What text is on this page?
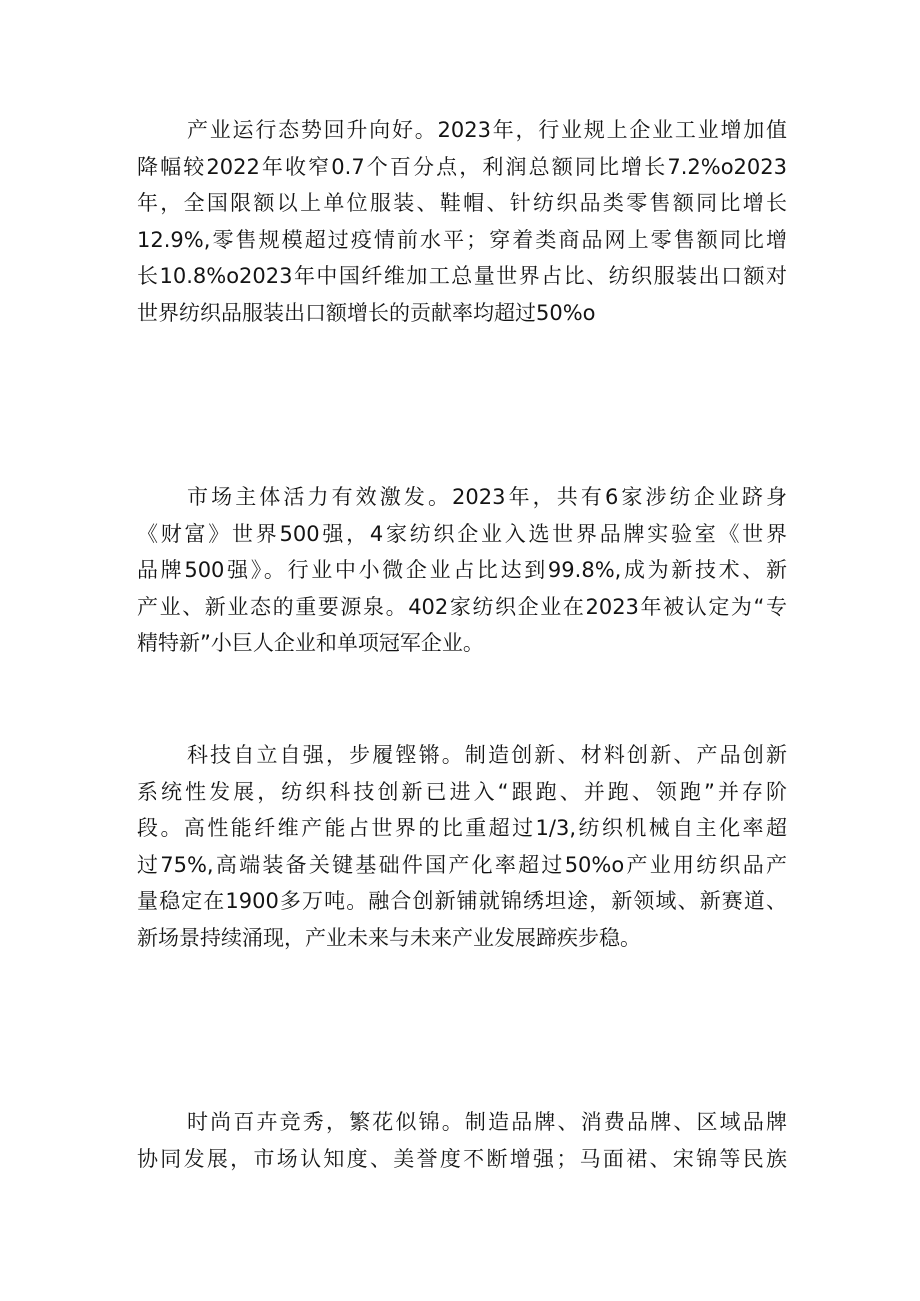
产业运行态势回升向好。2023年，行业规上企业工业增加值
降幅较2022年收窄0.7个百分点，利润总额同比增长7.2%o2023
年，全国限额以上单位服装、鞋帽、针纺织品类零售额同比增长
12.9%,零售规模超过疫情前水平；穿着类商品网上零售额同比增
长10.8%o2023年中国纤维加工总量世界占比、纺织服装出口额对
世界纺织品服装出口额增长的贡献率均超过50%o
市场主体活力有效激发。2023年，共有6家涉纺企业跻身
《财富》世界500强，4家纺织企业入选世界品牌实验室《世界
品牌500强》。行业中小微企业占比达到99.8%,成为新技术、新
产业、新业态的重要源泉。402家纺织企业在2023年被认定为“专
精特新”小巨人企业和单项冠军企业。
科技自立自强，步履铿锵。制造创新、材料创新、产品创新
系统性发展，纺织科技创新已进入“跟跑、并跑、领跑”并存阶
段。高性能纤维产能占世界的比重超过1/3,纺织机械自主化率超
过75%,高端装备关键基础件国产化率超过50%o产业用纺织品产
量稳定在1900多万吨。融合创新铺就锦绣坦途，新领域、新赛道、
新场景持续涌现，产业未来与未来产业发展蹄疾步稳。
时尚百卉竞秀，繁花似锦。制造品牌、消费品牌、区域品牌
协同发展，市场认知度、美誉度不断增强；马面裙、宋锦等民族
